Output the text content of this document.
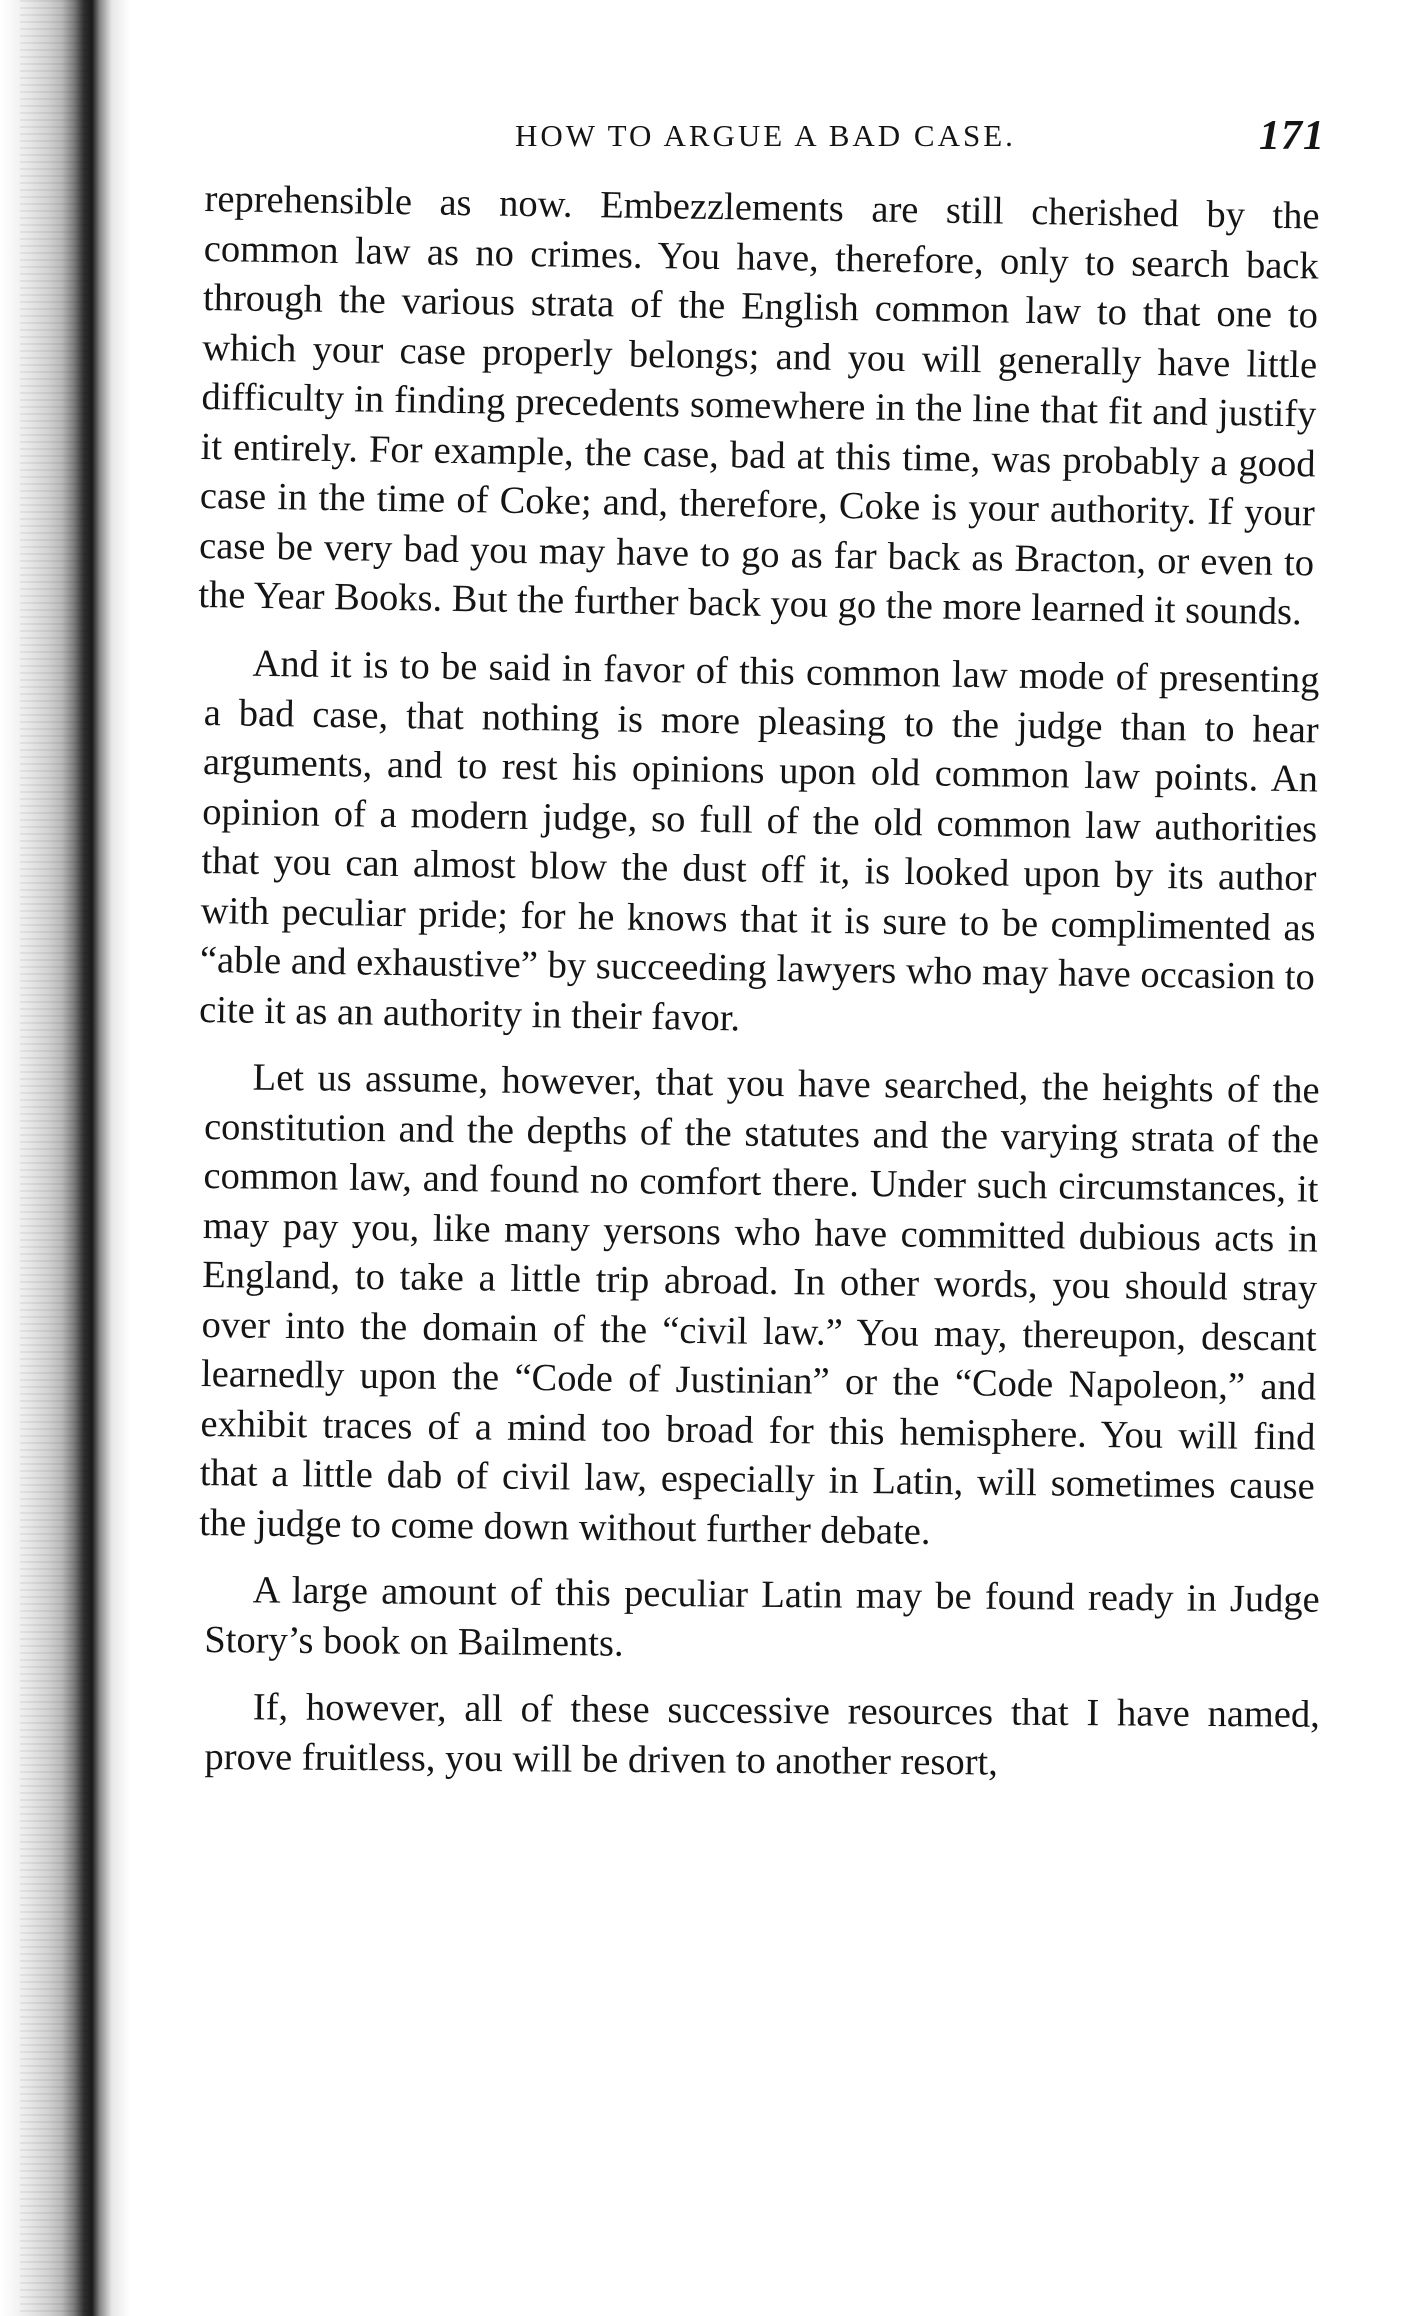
HOW TO ARGUE A BAD CASE.	171

reprehensible as now. Embezzlements are still cherished by the common law as no crimes. You have, therefore, only to search back through the various strata of the English common law to that one to which your case properly belongs; and you will generally have little difficulty in finding precedents somewhere in the line that fit and justify it entirely. For example, the case, bad at this time, was probably a good case in the time of Coke; and, therefore, Coke is your authority. If your case be very bad you may have to go as far back as Bracton, or even to the Year Books. But the further back you go the more learned it sounds.

And it is to be said in favor of this common law mode of presenting a bad case, that nothing is more pleasing to the judge than to hear arguments, and to rest his opinions upon old common law points. An opinion of a modern judge, so full of the old common law authorities that you can almost blow the dust off it, is looked upon by its author with peculiar pride; for he knows that it is sure to be complimented as “able and exhaustive” by succeeding lawyers who may have occasion to cite it as an authority in their favor.

Let us assume, however, that you have searched, the heights of the constitution and the depths of the statutes and the varying strata of the common law, and found no comfort there. Under such circumstances, it may pay you, like many yersons who have committed dubious acts in England, to take a little trip abroad. In other words, you should stray over into the domain of the “civil law.” You may, thereupon, descant learnedly upon the “Code of Justinian” or the “Code Napoleon,” and exhibit traces of a mind too broad for this hemisphere. You will find that a little dab of civil law, especially in Latin, will sometimes cause the judge to come down without further debate.

A large amount of this peculiar Latin may be found ready in Judge Story’s book on Bailments.

If, however, all of these successive resources that I have named, prove fruitless, you will be driven to another resort,
